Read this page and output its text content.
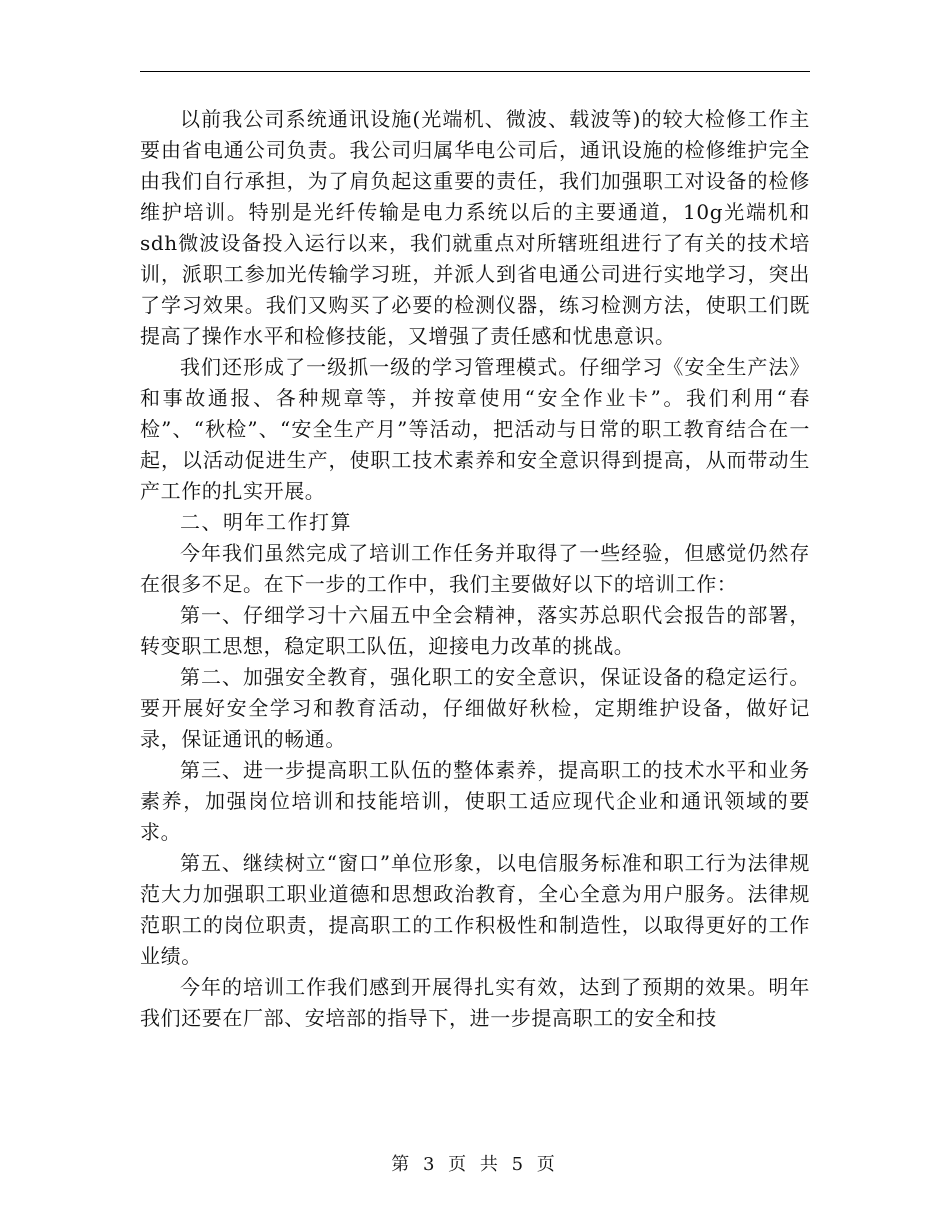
以前我公司系统通讯设施(光端机、微波、载波等)的较大检修工作主要由省电通公司负责。我公司归属华电公司后，通讯设施的检修维护完全由我们自行承担，为了肩负起这重要的责任，我们加强职工对设备的检修维护培训。特别是光纤传输是电力系统以后的主要通道，10g光端机和sdh微波设备投入运行以来，我们就重点对所辖班组进行了有关的技术培训，派职工参加光传输学习班，并派人到省电通公司进行实地学习，突出了学习效果。我们又购买了必要的检测仪器，练习检测方法，使职工们既提高了操作水平和检修技能，又增强了责任感和忧患意识。

我们还形成了一级抓一级的学习管理模式。仔细学习《安全生产法》和事故通报、各种规章等，并按章使用“安全作业卡”。我们利用“春检”、“秋检”、“安全生产月”等活动，把活动与日常的职工教育结合在一起，以活动促进生产，使职工技术素养和安全意识得到提高，从而带动生产工作的扎实开展。

二、明年工作打算

今年我们虽然完成了培训工作任务并取得了一些经验，但感觉仍然存在很多不足。在下一步的工作中，我们主要做好以下的培训工作：

第一、仔细学习十六届五中全会精神，落实苏总职代会报告的部署，转变职工思想，稳定职工队伍，迎接电力改革的挑战。

第二、加强安全教育，强化职工的安全意识，保证设备的稳定运行。要开展好安全学习和教育活动，仔细做好秋检，定期维护设备，做好记录，保证通讯的畅通。

第三、进一步提高职工队伍的整体素养，提高职工的技术水平和业务素养，加强岗位培训和技能培训，使职工适应现代企业和通讯领域的要求。

第五、继续树立“窗口”单位形象，以电信服务标准和职工行为法律规范大力加强职工职业道德和思想政治教育，全心全意为用户服务。法律规范职工的岗位职责，提高职工的工作积极性和制造性，以取得更好的工作业绩。

今年的培训工作我们感到开展得扎实有效，达到了预期的效果。明年我们还要在厂部、安培部的指导下，进一步提高职工的安全和技

第 3 页 共 5 页
